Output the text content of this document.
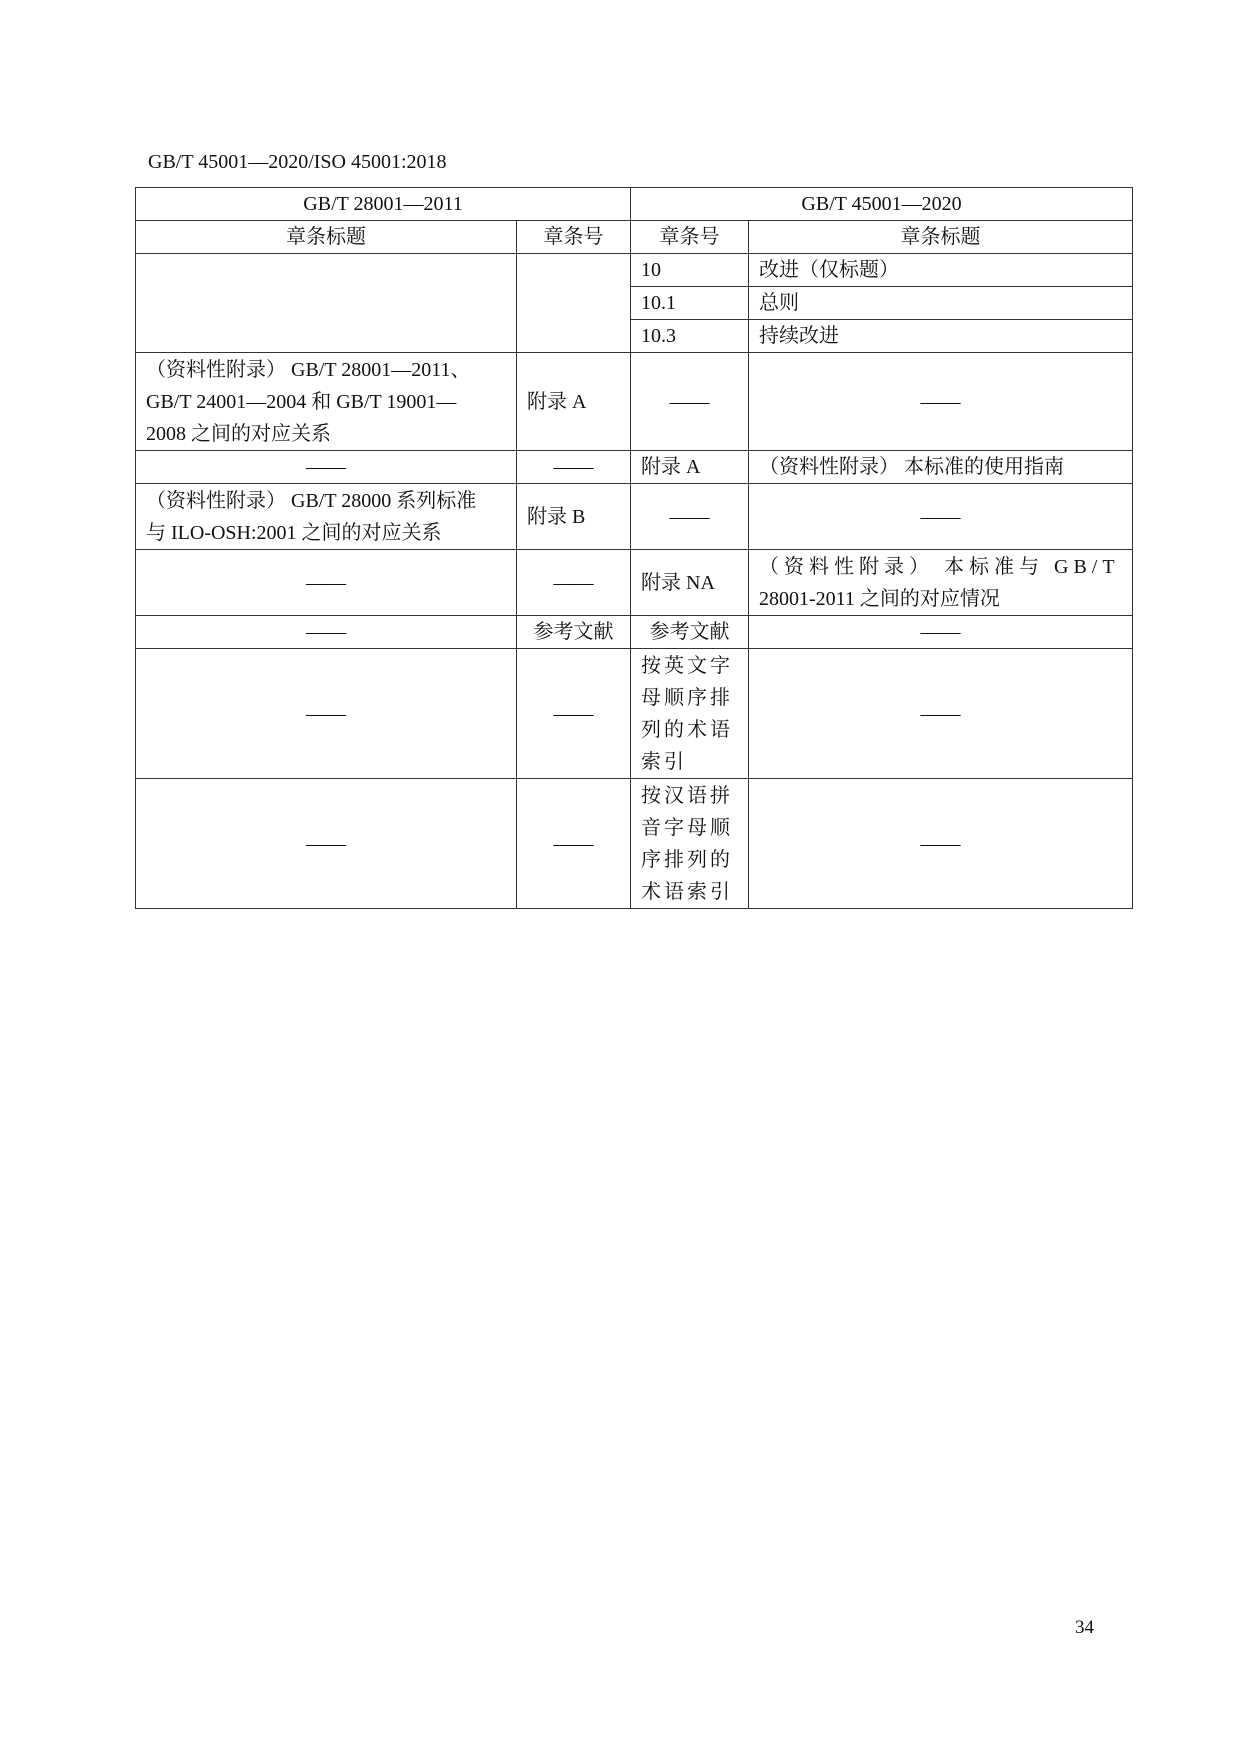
GB/T 45001—2020/ISO 45001:2018
GB/T 28001—2011		GB/T 45001—2020	
章条标题	章条号	章条号	章条标题
		10	改进（仅标题）
		10.1	总则
		10.3	持续改进

（资料性附录） GB/T 28001—2011、
GB/T 24001—2004 和 GB/T 19001—
2008 之间的对应关系	附录 A	——	——
——	——	附录 A	（资料性附录） 本标准的使用指南

（资料性附录） GB/T 28000 系列标准
与 ILO-OSH:2001 之间的对应关系	附录 B	——	——
——	——	附录 NA	（资料性附录） 本标准与 GB/T
28001-2011 之间的对应情况

——	参考文献	参考文献	——
——	——	按英文字
母顺序排
列的术语
索引	——
——	——	按汉语拼
音字母顺
序排列的
术语索引	——
34
